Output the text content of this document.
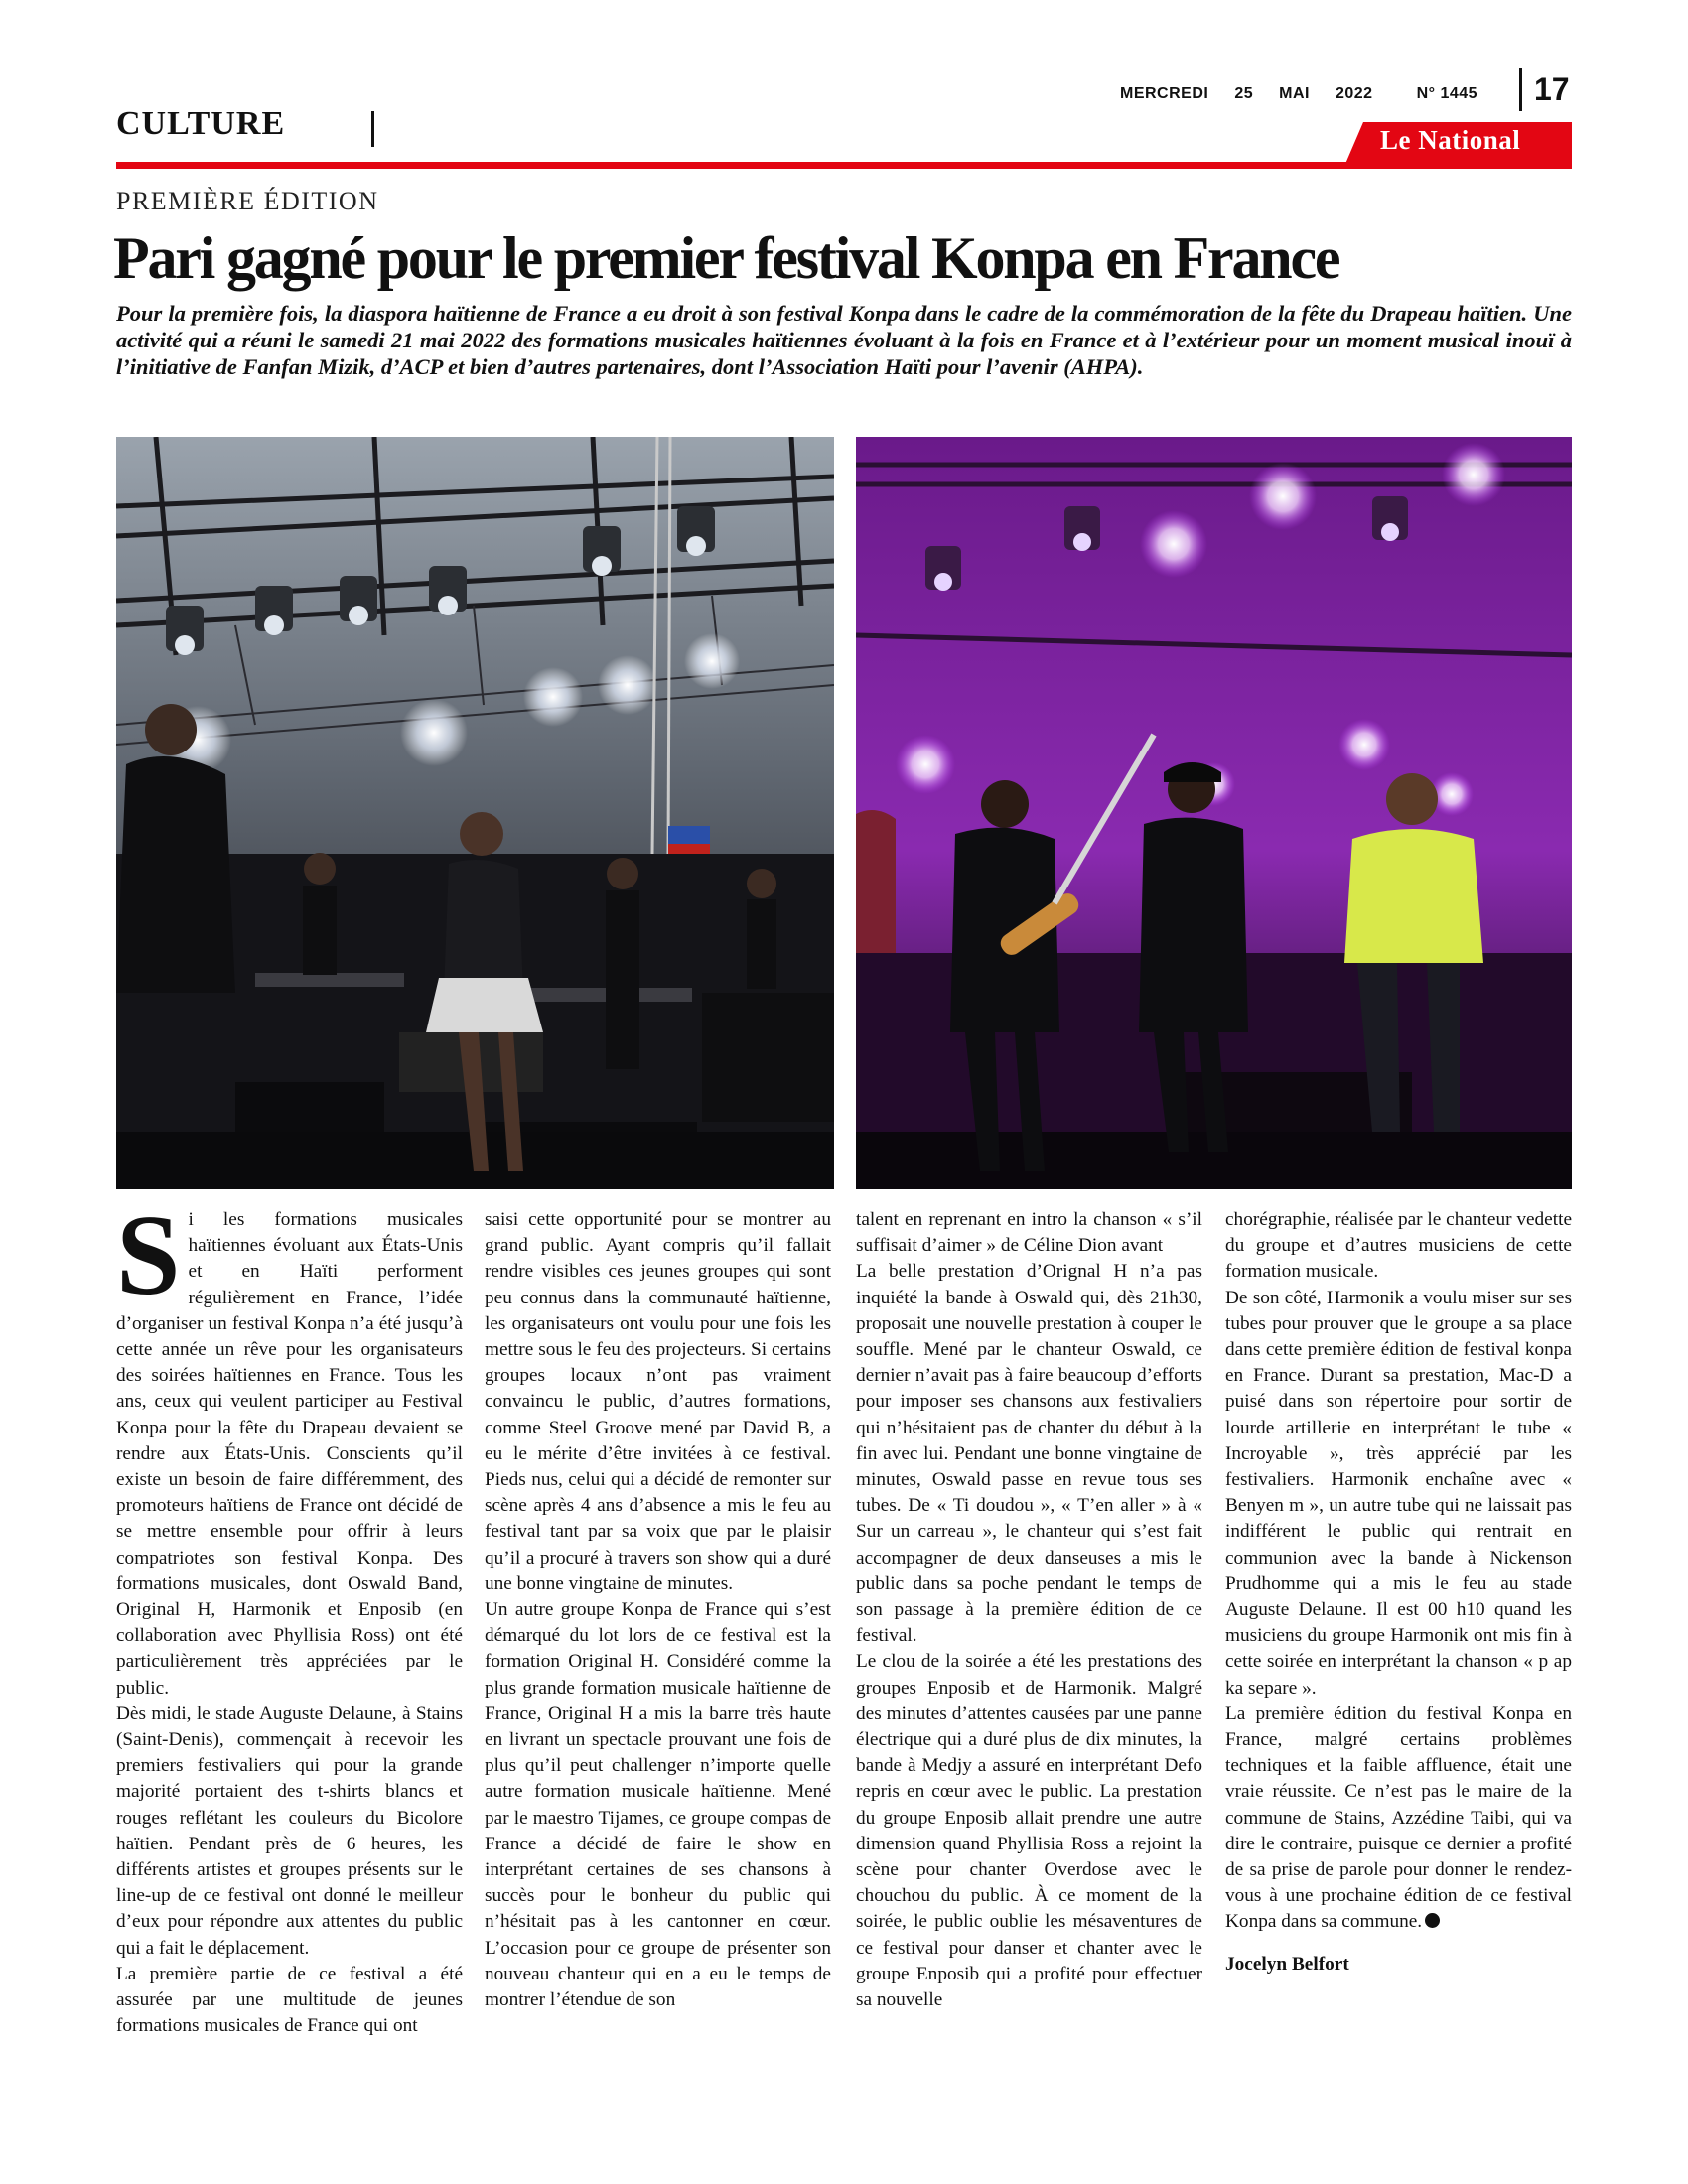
MERCREDI 25 MAI 2022	N° 1445	17
CULTURE	Le National
PREMIÈRE ÉDITION
Pari gagné pour le premier festival Konpa en France
Pour la première fois, la diaspora haïtienne de France a eu droit à son festival Konpa dans le cadre de la commémoration de la fête du Drapeau haïtien. Une activité qui a réuni le samedi 21 mai 2022 des formations musicales haïtiennes évoluant à la fois en France et à l’extérieur pour un moment musical inouï à l’initiative de Fanfan Mizik, d’ACP et bien d’autres partenaires, dont l’Association Haïti pour l’avenir (AHPA).

Si les formations musicales haïtiennes évoluant aux États-Unis et en Haïti performent régulièrement en France, l’idée d’organiser un festival Konpa n’a été jusqu’à cette année un rêve pour les organisateurs des soirées haïtiennes en France. Tous les ans, ceux qui veulent participer au Festival Konpa pour la fête du Drapeau devaient se rendre aux États-Unis. Conscients qu’il existe un besoin de faire différemment, des promoteurs haïtiens de France ont décidé de se mettre ensemble pour offrir à leurs compatriotes son festival Konpa. Des formations musicales, dont Oswald Band, Original H, Harmonik et Enposib (en collaboration avec Phyllisia Ross) ont été particulièrement très appréciées par le public.

Dès midi, le stade Auguste Delaune, à Stains (Saint-Denis), commençait à recevoir les premiers festivaliers qui pour la grande majorité portaient des t-shirts blancs et rouges reflétant les couleurs du Bicolore haïtien. Pendant près de 6 heures, les différents artistes et groupes présents sur le line-up de ce festival ont donné le meilleur d’eux pour répondre aux attentes du public qui a fait le déplacement.

La première partie de ce festival a été assurée par une multitude de jeunes formations musicales de France qui ont

saisi cette opportunité pour se montrer au grand public. Ayant compris qu’il fallait rendre visibles ces jeunes groupes qui sont peu connus dans la communauté haïtienne, les organisateurs ont voulu pour une fois les mettre sous le feu des projecteurs. Si certains groupes locaux n’ont pas vraiment convaincu le public, d’autres formations, comme Steel Groove mené par David B, a eu le mérite d’être invitées à ce festival. Pieds nus, celui qui a décidé de remonter sur scène après 4 ans d’absence a mis le feu au festival tant par sa voix que par le plaisir qu’il a procuré à travers son show qui a duré une bonne vingtaine de minutes.

Un autre groupe Konpa de France qui s’est démarqué du lot lors de ce festival est la formation Original H. Considéré comme la plus grande formation musicale haïtienne de France, Original H a mis la barre très haute en livrant un spectacle prouvant une fois de plus qu’il peut challenger n’importe quelle autre formation musicale haïtienne. Mené par le maestro Tijames, ce groupe compas de France a décidé de faire le show en interprétant certaines de ses chansons à succès pour le bonheur du public qui n’hésitait pas à les cantonner en cœur. L’occasion pour ce groupe de présenter son nouveau chanteur qui en a eu le temps de montrer l’étendue de son

talent en reprenant en intro la chanson « s’il suffisait d’aimer » de Céline Dion avant

La belle prestation d’Orignal H n’a pas inquiété la bande à Oswald qui, dès 21h30, proposait une nouvelle prestation à couper le souffle. Mené par le chanteur Oswald, ce dernier n’avait pas à faire beaucoup d’efforts pour imposer ses chansons aux festivaliers qui n’hésitaient pas de chanter du début à la fin avec lui. Pendant une bonne vingtaine de minutes, Oswald passe en revue tous ses tubes. De « Ti doudou », « T’en aller » à « Sur un carreau », le chanteur qui s’est fait accompagner de deux danseuses a mis le public dans sa poche pendant le temps de son passage à la première édition de ce festival.

Le clou de la soirée a été les prestations des groupes Enposib et de Harmonik. Malgré des minutes d’attentes causées par une panne électrique qui a duré plus de dix minutes, la bande à Medjy a assuré en interprétant Defo repris en cœur avec le public. La prestation du groupe Enposib allait prendre une autre dimension quand Phyllisia Ross a rejoint la scène pour chanter Overdose avec le chouchou du public. À ce moment de la soirée, le public oublie les mésaventures de ce festival pour danser et chanter avec le groupe Enposib qui a profité pour effectuer sa nouvelle

chorégraphie, réalisée par le chanteur vedette du groupe et d’autres musiciens de cette formation musicale.

De son côté, Harmonik a voulu miser sur ses tubes pour prouver que le groupe a sa place dans cette première édition de festival konpa en France. Durant sa prestation, Mac-D a puisé dans son répertoire pour sortir de lourde artillerie en interprétant le tube « Incroyable », très apprécié par les festivaliers. Harmonik enchaîne avec « Benyen m », un autre tube qui ne laissait pas indifférent le public qui rentrait en communion avec la bande à Nickenson Prudhomme qui a mis le feu au stade Auguste Delaune. Il est 00 h10 quand les musiciens du groupe Harmonik ont mis fin à cette soirée en interprétant la chanson « p ap ka separe ».

La première édition du festival Konpa en France, malgré certains problèmes techniques et la faible affluence, était une vraie réussite. Ce n’est pas le maire de la commune de Stains, Azzédine Taibi, qui va dire le contraire, puisque ce dernier a profité de sa prise de parole pour donner le rendez-vous à une prochaine édition de ce festival Konpa dans sa commune.

Jocelyn Belfort
